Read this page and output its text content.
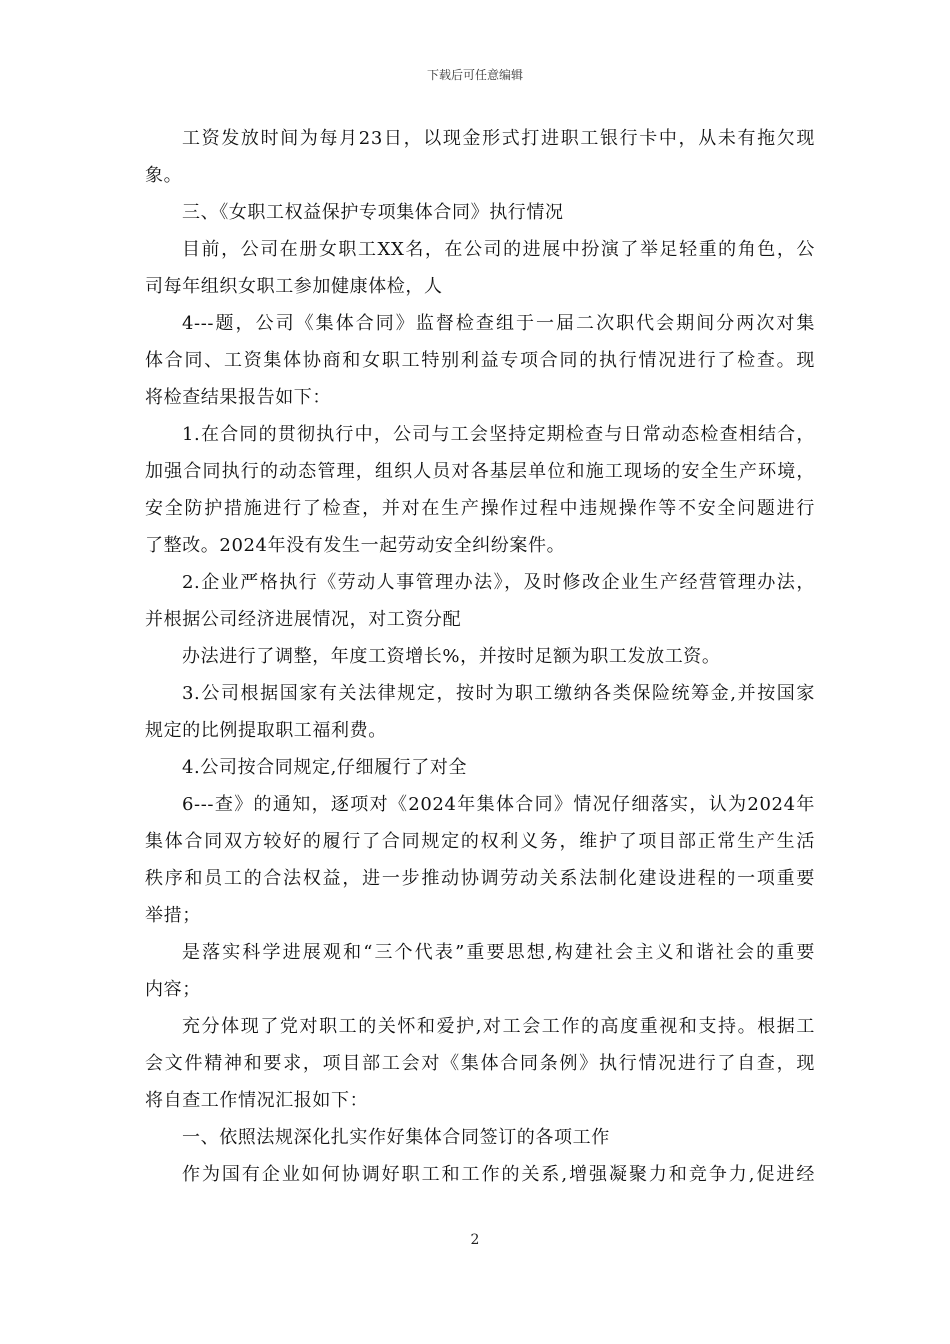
下载后可任意编辑
工资发放时间为每月23日，以现金形式打进职工银行卡中，从未有拖欠现
象。
三、《女职工权益保护专项集体合同》执行情况
目前，公司在册女职工XX名，在公司的进展中扮演了举足轻重的角色，公
司每年组织女职工参加健康体检，人
4---题，公司《集体合同》监督检查组于一届二次职代会期间分两次对集
体合同、工资集体协商和女职工特别利益专项合同的执行情况进行了检查。现
将检查结果报告如下：
1.在合同的贯彻执行中，公司与工会坚持定期检查与日常动态检查相结合，
加强合同执行的动态管理，组织人员对各基层单位和施工现场的安全生产环境，
安全防护措施进行了检查，并对在生产操作过程中违规操作等不安全问题进行
了整改。2024年没有发生一起劳动安全纠纷案件。
2.企业严格执行《劳动人事管理办法》，及时修改企业生产经营管理办法，
并根据公司经济进展情况，对工资分配
办法进行了调整，年度工资增长%，并按时足额为职工发放工资。
3.公司根据国家有关法律规定，按时为职工缴纳各类保险统筹金,并按国家
规定的比例提取职工福利费。
4.公司按合同规定,仔细履行了对全
6---查》的通知，逐项对《2024年集体合同》情况仔细落实，认为2024年
集体合同双方较好的履行了合同规定的权利义务，维护了项目部正常生产生活
秩序和员工的合法权益，进一步推动协调劳动关系法制化建设进程的一项重要
举措；
是落实科学进展观和“三个代表”重要思想,构建社会主义和谐社会的重要
内容；
充分体现了党对职工的关怀和爱护,对工会工作的高度重视和支持。根据工
会文件精神和要求，项目部工会对《集体合同条例》执行情况进行了自查，现
将自查工作情况汇报如下：
一、依照法规深化扎实作好集体合同签订的各项工作
作为国有企业如何协调好职工和工作的关系,增强凝聚力和竞争力,促进经
2
